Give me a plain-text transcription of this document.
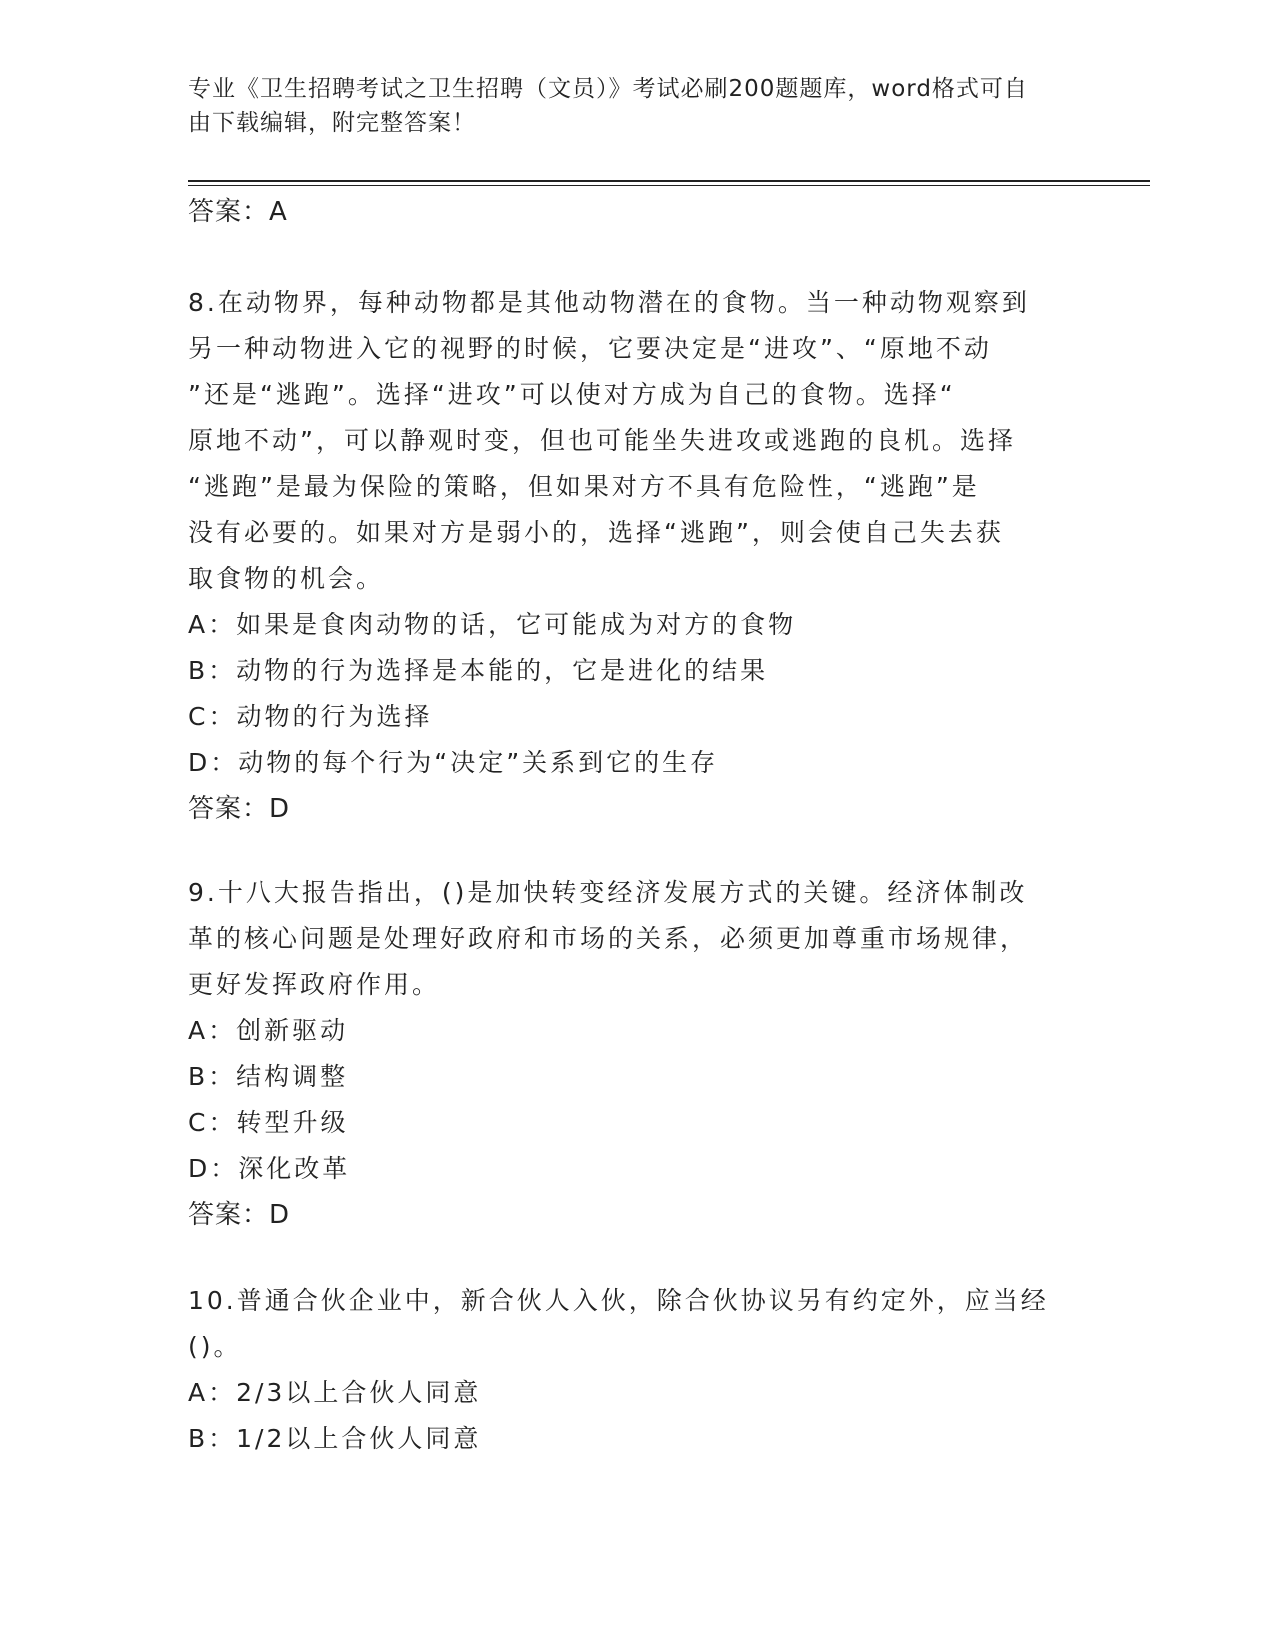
专业《卫生招聘考试之卫生招聘（文员）》考试必刷200题题库，word格式可自
由下载编辑，附完整答案！
答案：A

8.在动物界，每种动物都是其他动物潜在的食物。当一种动物观察到
另一种动物进入它的视野的时候，它要决定是“进攻”、“原地不动
”还是“逃跑”。选择“进攻”可以使对方成为自己的食物。选择“
原地不动”，可以静观时变，但也可能坐失进攻或逃跑的良机。选择
“逃跑”是最为保险的策略，但如果对方不具有危险性，“逃跑”是
没有必要的。如果对方是弱小的，选择“逃跑”，则会使自己失去获
取食物的机会。

A：如果是食肉动物的话，它可能成为对方的食物

B：动物的行为选择是本能的，它是进化的结果

C：动物的行为选择

D：动物的每个行为“决定”关系到它的生存

答案：D

9.十八大报告指出，()是加快转变经济发展方式的关键。经济体制改
革的核心问题是处理好政府和市场的关系，必须更加尊重市场规律，
更好发挥政府作用。

A：创新驱动

B：结构调整

C：转型升级

D：深化改革

答案：D

10.普通合伙企业中，新合伙人入伙，除合伙协议另有约定外，应当经
()。

A：2/3以上合伙人同意

B：1/2以上合伙人同意
